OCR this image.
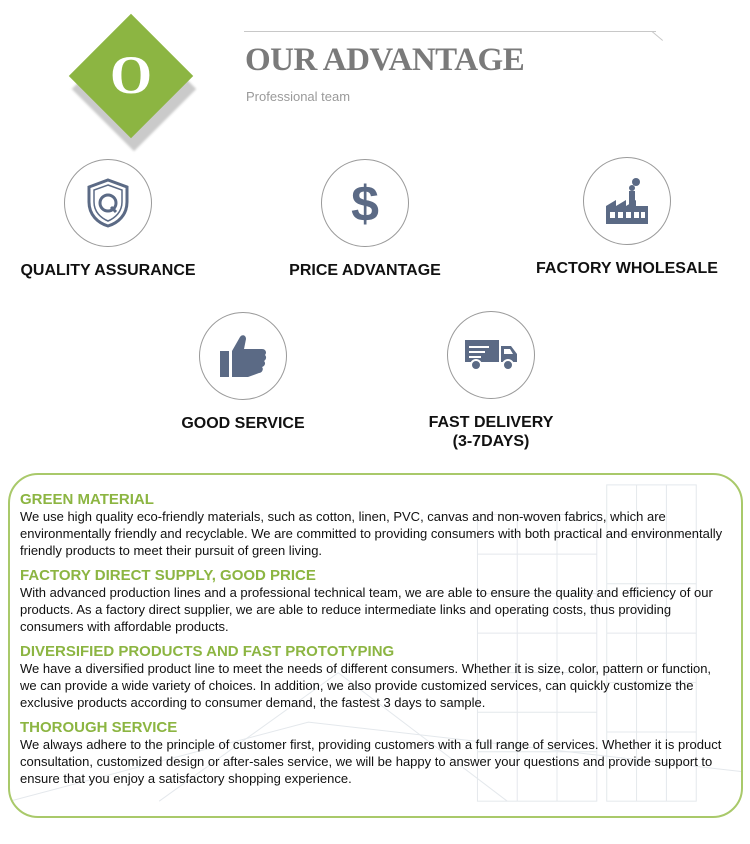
O	OUR ADVANTAGE
Professional team
QUALITY ASSURANCE
$
PRICE ADVANTAGE	FACTORY WHOLESALE
GOOD SERVICE	FAST DELIVERY
(3-7DAYS)
GREEN MATERIAL

We use high quality eco-friendly materials, such as cotton, linen, PVC, canvas and non-woven fabrics, which are environmentally friendly and recyclable. We are committed to providing consumers with both practical and environmentally friendly products to meet their pursuit of green living.

FACTORY DIRECT SUPPLY, GOOD PRICE

With advanced production lines and a professional technical team, we are able to ensure the quality and efficiency of our products. As a factory direct supplier, we are able to reduce intermediate links and operating costs, thus providing consumers with affordable products.

DIVERSIFIED PRODUCTS AND FAST PROTOTYPING

We have a diversified product line to meet the needs of different consumers. Whether it is size, color, pattern or function, we can provide a wide variety of choices. In addition, we also provide customized services, can quickly customize the exclusive products according to consumer demand, the fastest 3 days to sample.

THOROUGH SERVICE

We always adhere to the principle of customer first, providing customers with a full range of services. Whether it is product consultation, customized design or after-sales service, we will be happy to answer your questions and provide support to ensure that you enjoy a satisfactory shopping experience.
